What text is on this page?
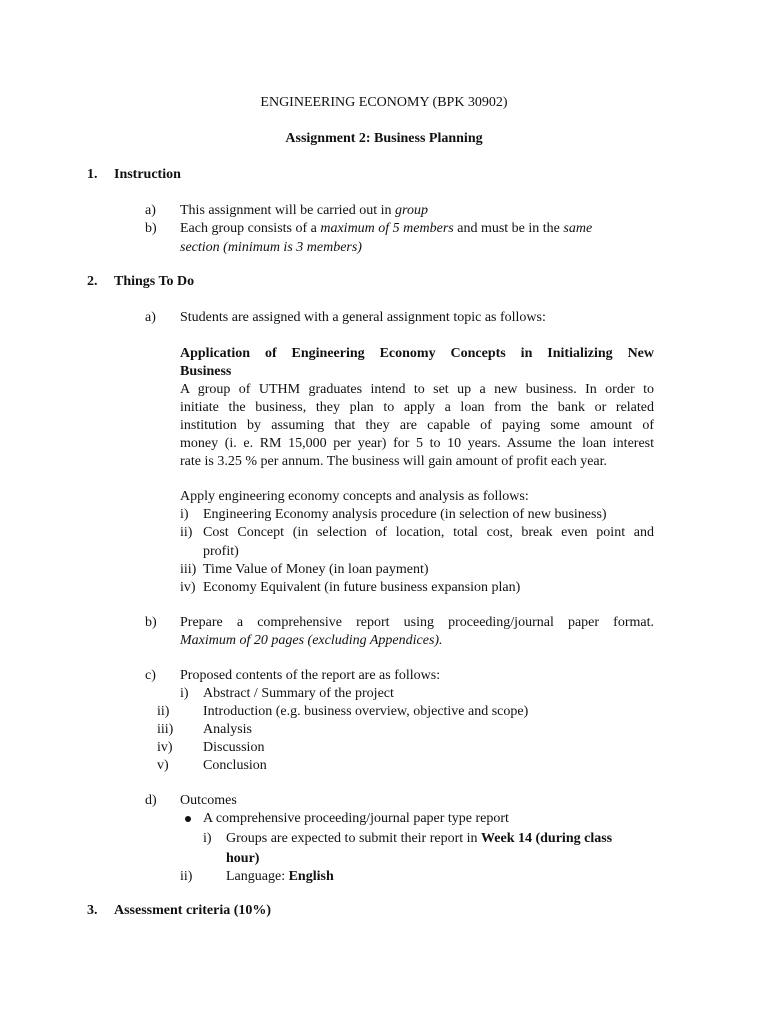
ENGINEERING ECONOMY (BPK 30902)
Assignment 2: Business Planning
1. Instruction
a) This assignment will be carried out in group
b) Each group consists of a maximum of 5 members and must be in the same
section (minimum is 3 members)
2. Things To Do
a) Students are assigned with a general assignment topic as follows:
Application of Engineering Economy Concepts in Initializing New
Business
A group of UTHM graduates intend to set up a new business. In order to
initiate the business, they plan to apply a loan from the bank or related
institution by assuming that they are capable of paying some amount of
money (i. e. RM 15,000 per year) for 5 to 10 years. Assume the loan interest
rate is 3.25 % per annum. The business will gain amount of profit each year.
Apply engineering economy concepts and analysis as follows:
i) Engineering Economy analysis procedure (in selection of new business)
ii) Cost Concept (in selection of location, total cost, break even point and
profit)
iii) Time Value of Money (in loan payment)
iv) Economy Equivalent (in future business expansion plan)
b) Prepare a comprehensive report using proceeding/journal paper format.
Maximum of 20 pages (excluding Appendices).
c) Proposed contents of the report are as follows:
i) Abstract / Summary of the project
ii) Introduction (e.g. business overview, objective and scope)
iii) Analysis
iv) Discussion
v) Conclusion
d) Outcomes
A comprehensive proceeding/journal paper type report
i) Groups are expected to submit their report in Week 14 (during class
hour)
ii) Language: English
3. Assessment criteria (10%)
